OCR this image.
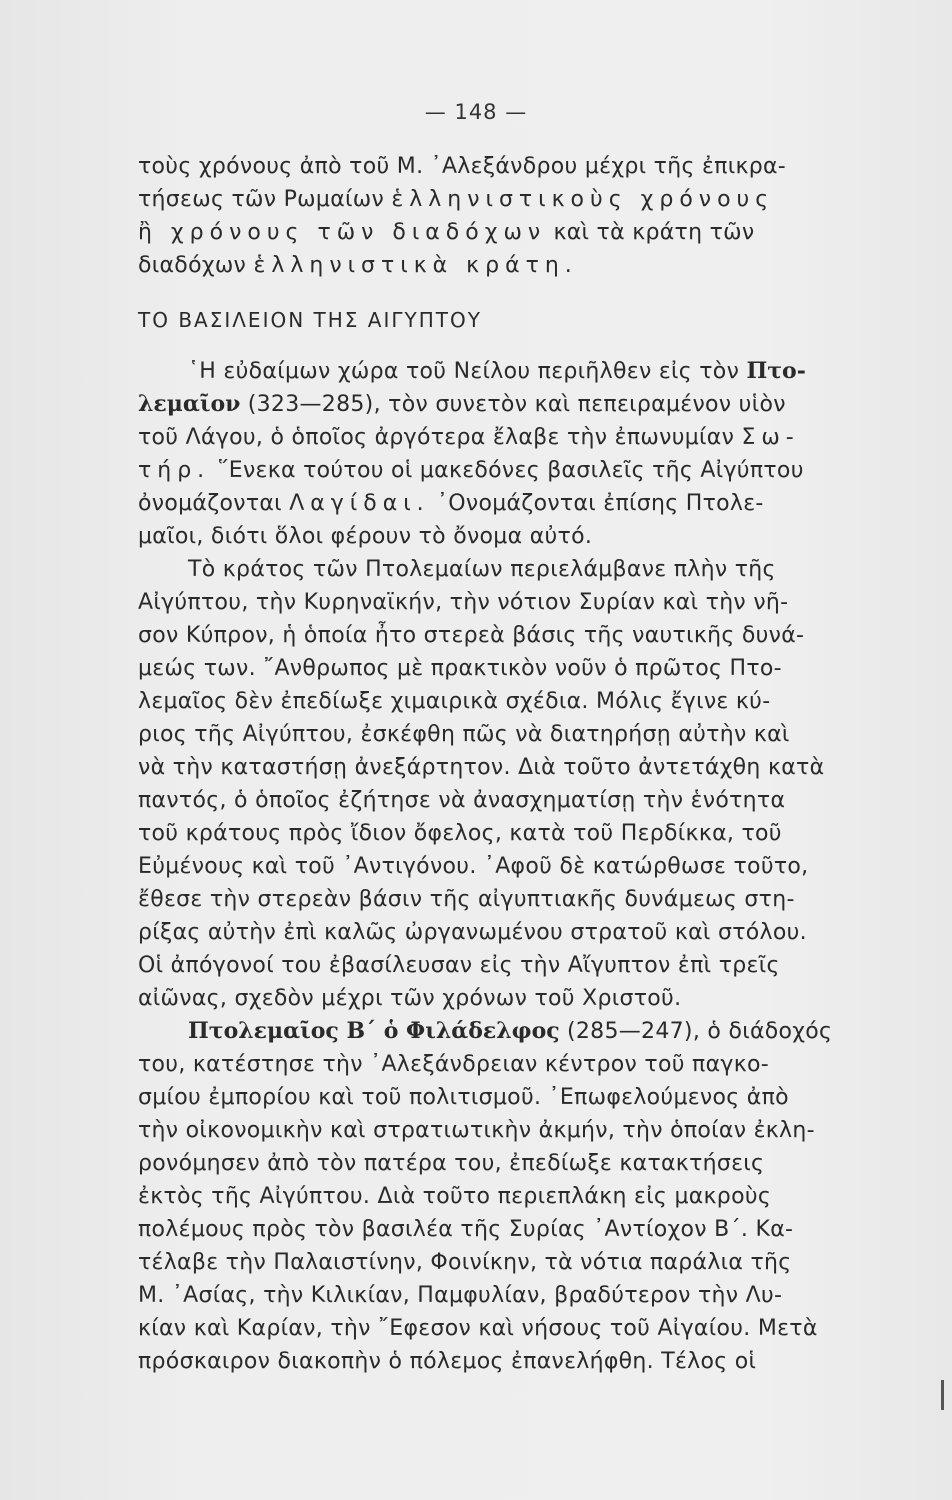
— 148 —
τοὺς χρόνους ἀπὸ τοῦ Μ. ᾿Αλεξάνδρου μέχρι τῆς ἐπικρα-
τήσεως τῶν Ρωμαίων ἑλληνιστικοὺς χρόνους
ἢ χρόνους τῶν διαδόχων καὶ τὰ κράτη τῶν
διαδόχων ἑλληνιστικὰ κράτη.
ΤΟ ΒΑΣΙΛΕΙΟΝ ΤΗΣ ΑΙΓΥΠΤΟΥ
῾Η εὐδαίμων χώρα τοῦ Νείλου περιῆλθεν εἰς τὸν Πτο-
λεμαῖον (323—285), τὸν συνετὸν καὶ πεπειραμένον υἱὸν
τοῦ Λάγου, ὁ ὁποῖος ἀργότερα ἔλαβε τὴν ἐπωνυμίαν Σω-
τήρ. ῞Ενεκα τούτου οἱ μακεδόνες βασιλεῖς τῆς Αἰγύπτου
ὀνομάζονται Λαγίδαι. ᾿Ονομάζονται ἐπίσης Πτολε-
μαῖοι, διότι ὅλοι φέρουν τὸ ὄνομα αὐτό.
Τὸ κράτος τῶν Πτολεμαίων περιελάμβανε πλὴν τῆς
Αἰγύπτου, τὴν Κυρηναϊκήν, τὴν νότιον Συρίαν καὶ τὴν νῆ-
σον Κύπρον, ἡ ὁποία ἦτο στερεὰ βάσις τῆς ναυτικῆς δυνά-
μεώς των. ῎Ανθρωπος μὲ πρακτικὸν νοῦν ὁ πρῶτος Πτο-
λεμαῖος δὲν ἐπεδίωξε χιμαιρικὰ σχέδια. Μόλις ἔγινε κύ-
ριος τῆς Αἰγύπτου, ἐσκέφθη πῶς νὰ διατηρήσῃ αὐτὴν καὶ
νὰ τὴν καταστήσῃ ἀνεξάρτητον. Διὰ τοῦτο ἀντετάχθη κατὰ
παντός, ὁ ὁποῖος ἐζήτησε νὰ ἀνασχηματίσῃ τὴν ἑνότητα
τοῦ κράτους πρὸς ἴδιον ὄφελος, κατὰ τοῦ Περδίκκα, τοῦ
Εὐμένους καὶ τοῦ ᾿Αντιγόνου. ᾿Αφοῦ δὲ κατώρθωσε τοῦτο,
ἔθεσε τὴν στερεὰν βάσιν τῆς αἰγυπτιακῆς δυνάμεως στη-
ρίξας αὐτὴν ἐπὶ καλῶς ὠργανωμένου στρατοῦ καὶ στόλου.
Οἱ ἀπόγονοί του ἐβασίλευσαν εἰς τὴν Αἴγυπτον ἐπὶ τρεῖς
αἰῶνας, σχεδὸν μέχρι τῶν χρόνων τοῦ Χριστοῦ.
Πτολεμαῖος Β΄ ὁ Φιλάδελφος (285—247), ὁ διάδοχός
του, κατέστησε τὴν ᾿Αλεξάνδρειαν κέντρον τοῦ παγκο-
σμίου ἐμπορίου καὶ τοῦ πολιτισμοῦ. ᾿Επωφελούμενος ἀπὸ
τὴν οἰκονομικὴν καὶ στρατιωτικὴν ἀκμήν, τὴν ὁποίαν ἐκλη-
ρονόμησεν ἀπὸ τὸν πατέρα του, ἐπεδίωξε κατακτήσεις
ἐκτὸς τῆς Αἰγύπτου. Διὰ τοῦτο περιεπλάκη εἰς μακροὺς
πολέμους πρὸς τὸν βασιλέα τῆς Συρίας ᾿Αντίοχον Β΄. Κα-
τέλαβε τὴν Παλαιστίνην, Φοινίκην, τὰ νότια παράλια τῆς
Μ. ᾿Ασίας, τὴν Κιλικίαν, Παμφυλίαν, βραδύτερον τὴν Λυ-
κίαν καὶ Καρίαν, τὴν ῎Εφεσον καὶ νήσους τοῦ Αἰγαίου. Μετὰ
πρόσκαιρον διακοπὴν ὁ πόλεμος ἐπανελήφθη. Τέλος οἱ
